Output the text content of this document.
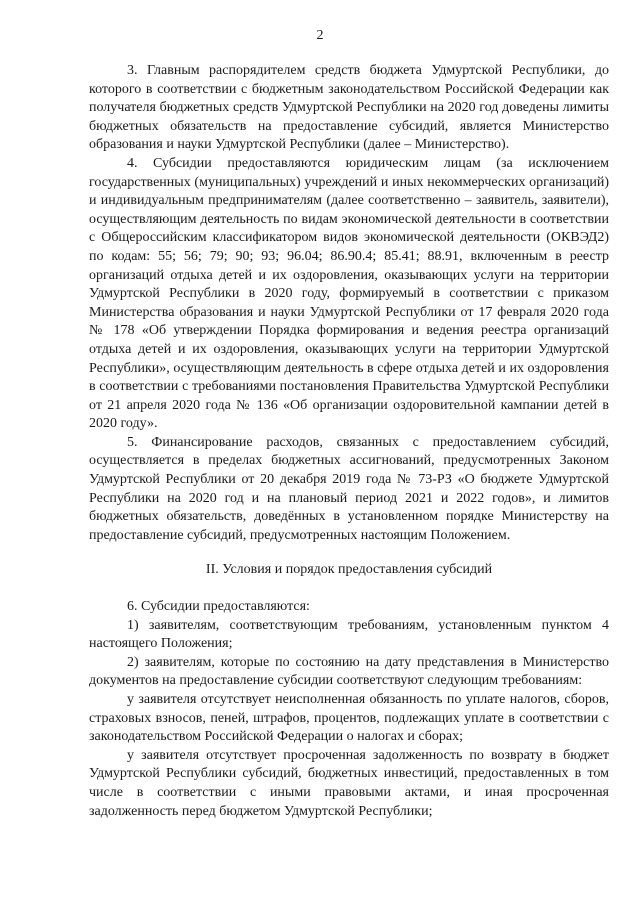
2

3. Главным распорядителем средств бюджета Удмуртской Республики, до которого в соответствии с бюджетным законодательством Российской Федерации как получателя бюджетных средств Удмуртской Республики на 2020 год доведены лимиты бюджетных обязательств на предоставление субсидий, является Министерство образования и науки Удмуртской Республики (далее – Министерство).

4. Субсидии предоставляются юридическим лицам (за исключением государственных (муниципальных) учреждений и иных некоммерческих организаций) и индивидуальным предпринимателям (далее соответственно – заявитель, заявители), осуществляющим деятельность по видам экономической деятельности в соответствии с Общероссийским классификатором видов экономической деятельности (ОКВЭД2) по кодам: 55; 56; 79; 90; 93; 96.04; 86.90.4; 85.41; 88.91, включенным в реестр организаций отдыха детей и их оздоровления, оказывающих услуги на территории Удмуртской Республики в 2020 году, формируемый в соответствии с приказом Министерства образования и науки Удмуртской Республики от 17 февраля 2020 года № 178 «Об утверждении Порядка формирования и ведения реестра организаций отдыха детей и их оздоровления, оказывающих услуги на территории Удмуртской Республики», осуществляющим деятельность в сфере отдыха детей и их оздоровления в соответствии с требованиями постановления Правительства Удмуртской Республики от 21 апреля 2020 года № 136 «Об организации оздоровительной кампании детей в 2020 году».

5. Финансирование расходов, связанных с предоставлением субсидий, осуществляется в пределах бюджетных ассигнований, предусмотренных Законом Удмуртской Республики от 20 декабря 2019 года № 73-РЗ «О бюджете Удмуртской Республики на 2020 год и на плановый период 2021 и 2022 годов», и лимитов бюджетных обязательств, доведённых в установленном порядке Министерству на предоставление субсидий, предусмотренных настоящим Положением.

II. Условия и порядок предоставления субсидий

6. Субсидии предоставляются:

1) заявителям, соответствующим требованиям, установленным пунктом 4 настоящего Положения;

2) заявителям, которые по состоянию на дату представления в Министерство документов на предоставление субсидии соответствуют следующим требованиям:

у заявителя отсутствует неисполненная обязанность по уплате налогов, сборов, страховых взносов, пеней, штрафов, процентов, подлежащих уплате в соответствии с законодательством Российской Федерации о налогах и сборах;

у заявителя отсутствует просроченная задолженность по возврату в бюджет Удмуртской Республики субсидий, бюджетных инвестиций, предоставленных в том числе в соответствии с иными правовыми актами, и иная просроченная задолженность перед бюджетом Удмуртской Республики;
